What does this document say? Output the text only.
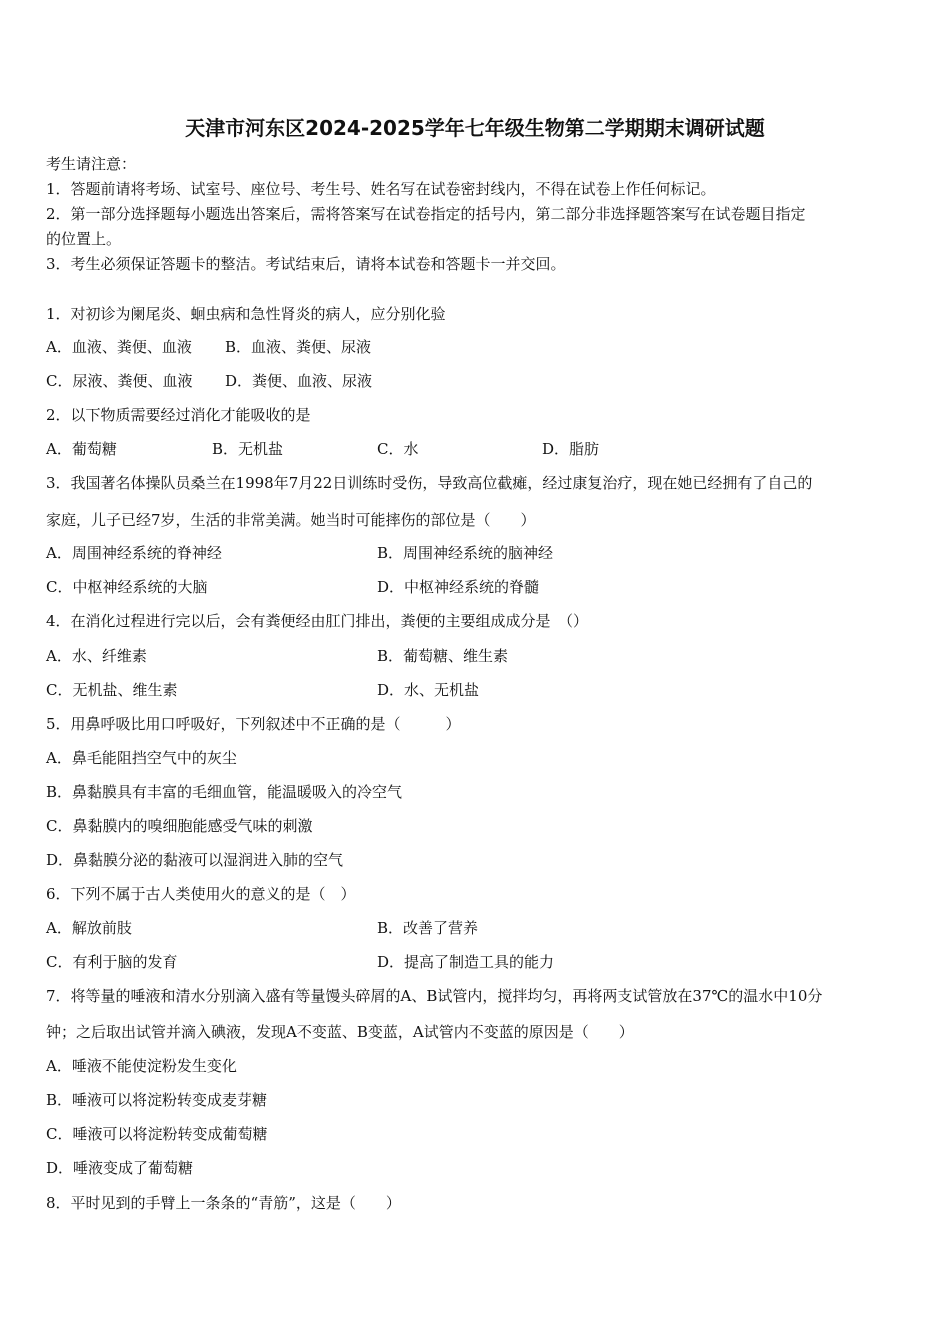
天津市河东区2024-2025学年七年级生物第二学期期末调研试题
考生请注意：
1．答题前请将考场、试室号、座位号、考生号、姓名写在试卷密封线内，不得在试卷上作任何标记。
2．第一部分选择题每小题选出答案后，需将答案写在试卷指定的括号内，第二部分非选择题答案写在试卷题目指定
的位置上。
3．考生必须保证答题卡的整洁。考试结束后，请将本试卷和答题卡一并交回。
1．对初诊为阑尾炎、蛔虫病和急性肾炎的病人，应分别化验
A．血液、粪便、血液 B．血液、粪便、尿液
C．尿液、粪便、血液 D．粪便、血液、尿液
2．以下物质需要经过消化才能吸收的是
A．葡萄糖	B．无机盐	C．水	D．脂肪
3．我国著名体操队员桑兰在1998年7月22日训练时受伤，导致高位截瘫，经过康复治疗，现在她已经拥有了自己的
家庭，儿子已经7岁，生活的非常美满。她当时可能摔伤的部位是（　　）
A．周围神经系统的脊神经	B．周围神经系统的脑神经
C．中枢神经系统的大脑	D．中枢神经系统的脊髓
4．在消化过程进行完以后，会有粪便经由肛门排出，粪便的主要组成成分是　（）
A．水、纤维素	B．葡萄糖、维生素
C．无机盐、维生素	D．水、无机盐
5．用鼻呼吸比用口呼吸好，下列叙述中不正确的是（　　　）
A．鼻毛能阻挡空气中的灰尘
B．鼻黏膜具有丰富的毛细血管，能温暖吸入的冷空气
C．鼻黏膜内的嗅细胞能感受气味的刺激
D．鼻黏膜分泌的黏液可以湿润进入肺的空气
6．下列不属于古人类使用火的意义的是（　）
A．解放前肢	B．改善了营养
C．有利于脑的发育	D．提高了制造工具的能力
7．将等量的唾液和清水分别滴入盛有等量馒头碎屑的A、B试管内，搅拌均匀，再将两支试管放在37℃的温水中10分
钟；之后取出试管并滴入碘液，发现A不变蓝、B变蓝，A试管内不变蓝的原因是（　　）
A．唾液不能使淀粉发生变化
B．唾液可以将淀粉转变成麦芽糖
C．唾液可以将淀粉转变成葡萄糖
D．唾液变成了葡萄糖
8．平时见到的手臂上一条条的“青筋”，这是（　　）
